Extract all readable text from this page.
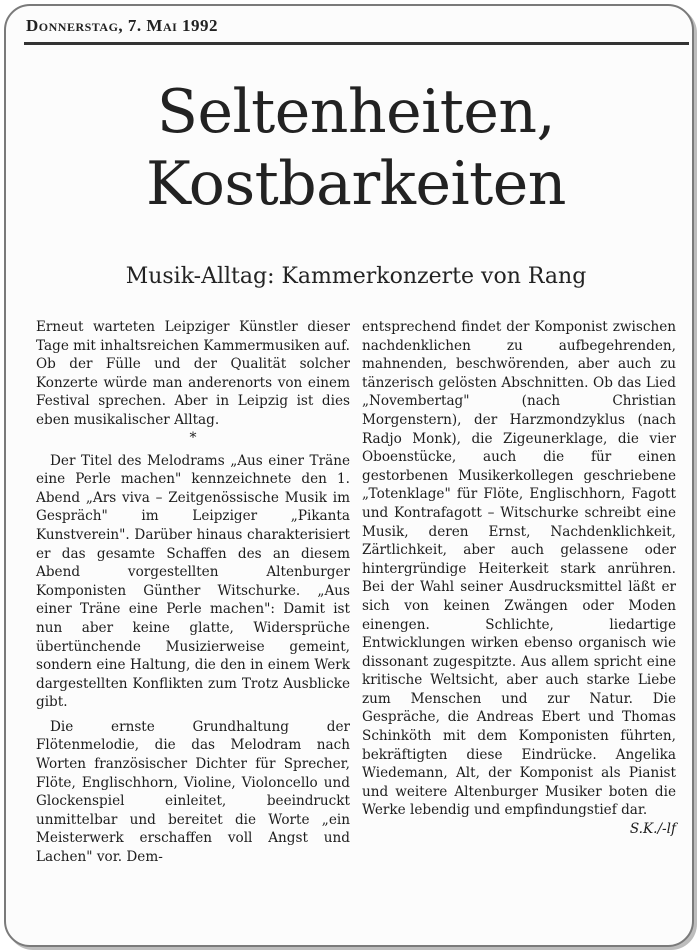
Donnerstag, 7. Mai 1992
Seltenheiten,
Kostbarkeiten
Musik-Alltag: Kammerkonzerte von Rang

Erneut warteten Leipziger Künstler dieser Tage mit inhaltsreichen Kammermusiken auf. Ob der Fülle und der Qualität solcher Konzerte würde man anderenorts von einem Festival sprechen. Aber in Leipzig ist dies eben musikalischer Alltag.

*

Der Titel des Melodrams „Aus einer Träne eine Perle machen" kennzeichnete den 1. Abend „Ars viva – Zeitgenössische Musik im Gespräch" im Leipziger „Pikanta Kunstverein". Darüber hinaus charakterisiert er das gesamte Schaffen des an diesem Abend vorgestellten Altenburger Komponisten Günther Witschurke. „Aus einer Träne eine Perle machen": Damit ist nun aber keine glatte, Widersprüche übertünchende Musizierweise gemeint, sondern eine Haltung, die den in einem Werk dargestellten Konflikten zum Trotz Ausblicke gibt.

Die ernste Grundhaltung der Flötenmelodie, die das Melodram nach Worten französischer Dichter für Sprecher, Flöte, Englischhorn, Violine, Violoncello und Glockenspiel einleitet, beeindruckt unmittelbar und bereitet die Worte „ein Meisterwerk erschaffen voll Angst und Lachen" vor. Dem-

entsprechend findet der Komponist zwischen nachdenklichen zu aufbegehrenden, mahnenden, beschwörenden, aber auch zu tänzerisch gelösten Abschnitten. Ob das Lied „Novembertag" (nach Christian Morgenstern), der Harzmondzyklus (nach Radjo Monk), die Zigeunerklage, die vier Oboenstücke, auch die für einen gestorbenen Musikerkollegen geschriebene „Totenklage" für Flöte, Englischhorn, Fagott und Kontrafagott – Witschurke schreibt eine Musik, deren Ernst, Nachdenklichkeit, Zärtlichkeit, aber auch gelassene oder hintergründige Heiterkeit stark anrühren. Bei der Wahl seiner Ausdrucksmittel läßt er sich von keinen Zwängen oder Moden einengen. Schlichte, liedartige Entwicklungen wirken ebenso organisch wie dissonant zugespitzte. Aus allem spricht eine kritische Weltsicht, aber auch starke Liebe zum Menschen und zur Natur. Die Gespräche, die Andreas Ebert und Thomas Schinköth mit dem Komponisten führten, bekräftigten diese Eindrücke. Angelika Wiedemann, Alt, der Komponist als Pianist und weitere Altenburger Musiker boten die Werke lebendig und empfindungstief dar.

S.K./-lf
